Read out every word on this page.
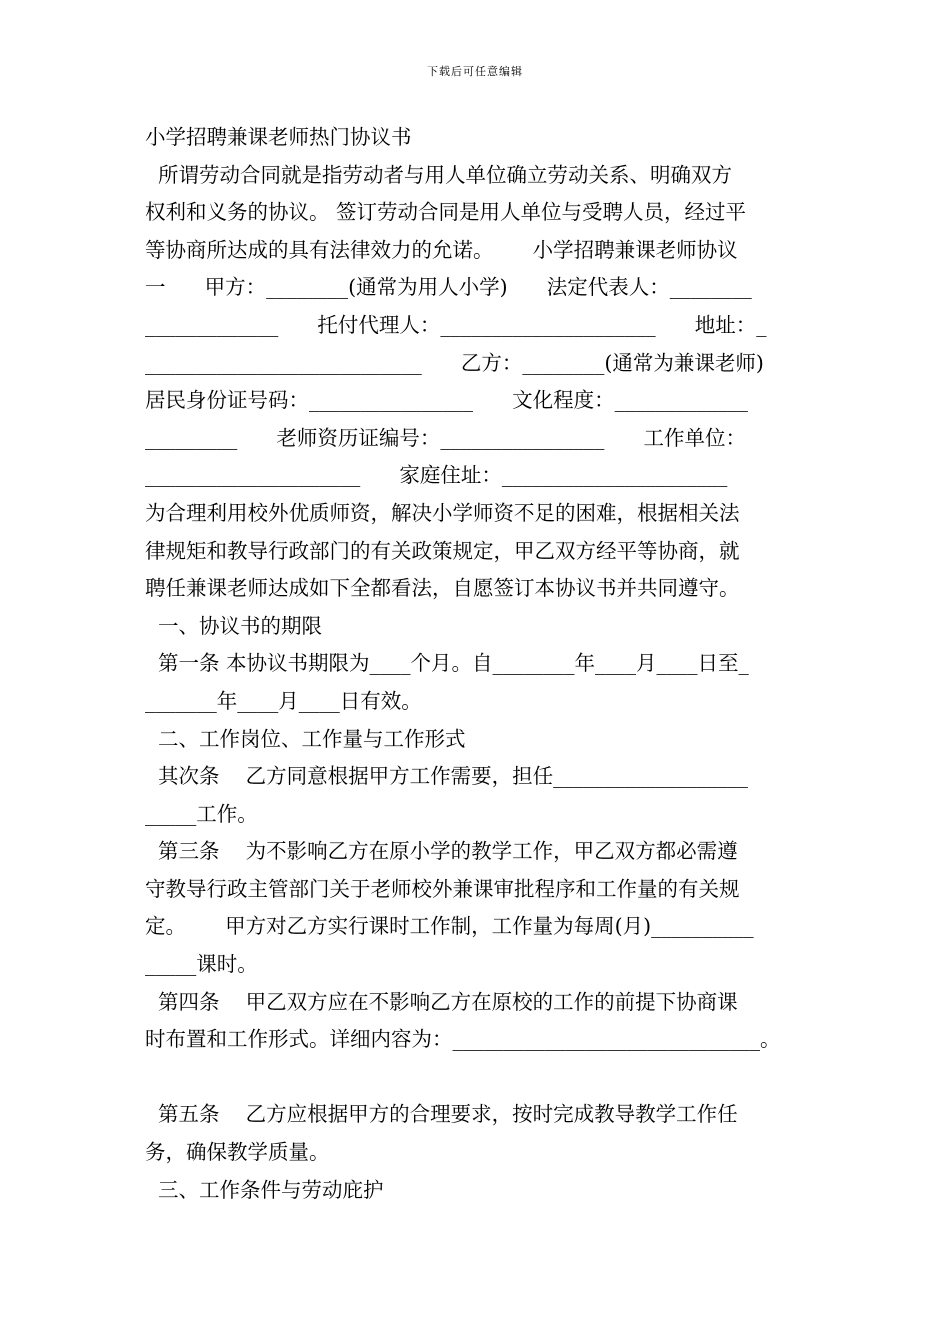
下载后可任意编辑
小学招聘兼课老师热门协议书
所谓劳动合同就是指劳动者与用人单位确立劳动关系、明确双方
权利和义务的协议。 签订劳动合同是用人单位与受聘人员，经过平
等协商所达成的具有法律效力的允诺。      小学招聘兼课老师协议
一      甲方：________(通常为用人小学)      法定代表人：________
_____________      托付代理人：_____________________      地址：_
___________________________      乙方：________(通常为兼课老师)
居民身份证号码：________________      文化程度：_____________
_________      老师资历证编号：________________      工作单位：
_____________________      家庭住址：______________________
为合理利用校外优质师资，解决小学师资不足的困难，根据相关法
律规矩和教导行政部门的有关政策规定，甲乙双方经平等协商，就
聘任兼课老师达成如下全都看法，自愿签订本协议书并共同遵守。
一、协议书的期限
第一条 本协议书期限为____个月。自________年____月____日至_
_______年____月____日有效。
二、工作岗位、工作量与工作形式
其次条    乙方同意根据甲方工作需要，担任___________________
_____工作。
第三条    为不影响乙方在原小学的教学工作，甲乙双方都必需遵
守教导行政主管部门关于老师校外兼课审批程序和工作量的有关规
定。      甲方对乙方实行课时工作制，工作量为每周(月)__________
_____课时。
第四条    甲乙双方应在不影响乙方在原校的工作的前提下协商课
时布置和工作形式。详细内容为：______________________________。
第五条    乙方应根据甲方的合理要求，按时完成教导教学工作任
务，确保教学质量。
三、工作条件与劳动庇护
